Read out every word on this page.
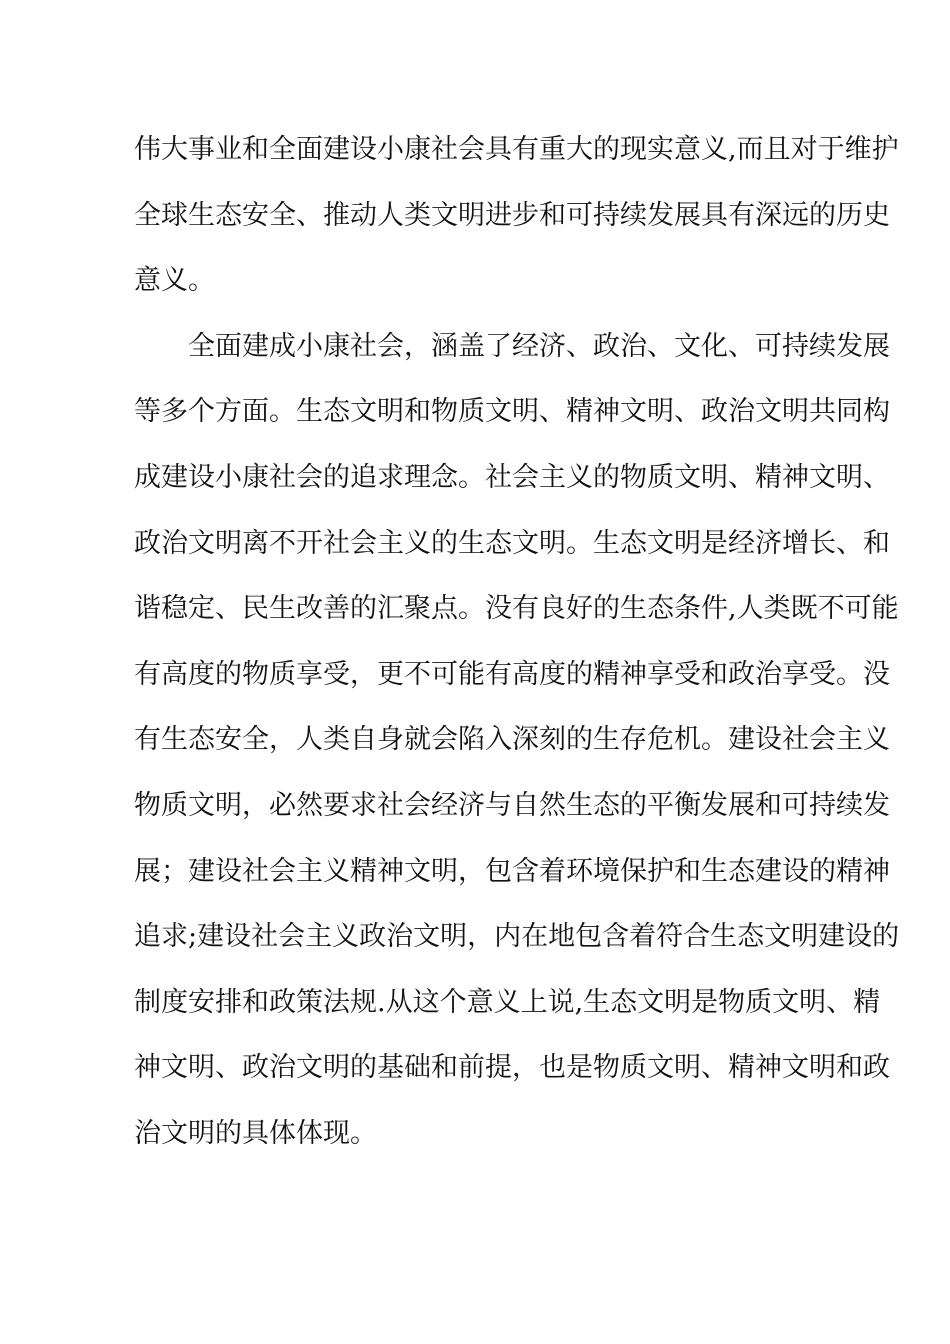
伟大事业和全面建设小康社会具有重大的现实意义,而且对于维护
全球生态安全、推动人类文明进步和可持续发展具有深远的历史
意义。
全面建成小康社会，涵盖了经济、政治、文化、可持续发展
等多个方面。生态文明和物质文明、精神文明、政治文明共同构
成建设小康社会的追求理念。社会主义的物质文明、精神文明、
政治文明离不开社会主义的生态文明。生态文明是经济增长、和
谐稳定、民生改善的汇聚点。没有良好的生态条件,人类既不可能
有高度的物质享受，更不可能有高度的精神享受和政治享受。没
有生态安全，人类自身就会陷入深刻的生存危机。建设社会主义
物质文明，必然要求社会经济与自然生态的平衡发展和可持续发
展；建设社会主义精神文明，包含着环境保护和生态建设的精神
追求;建设社会主义政治文明，内在地包含着符合生态文明建设的
制度安排和政策法规.从这个意义上说,生态文明是物质文明、精
神文明、政治文明的基础和前提，也是物质文明、精神文明和政
治文明的具体体现。
